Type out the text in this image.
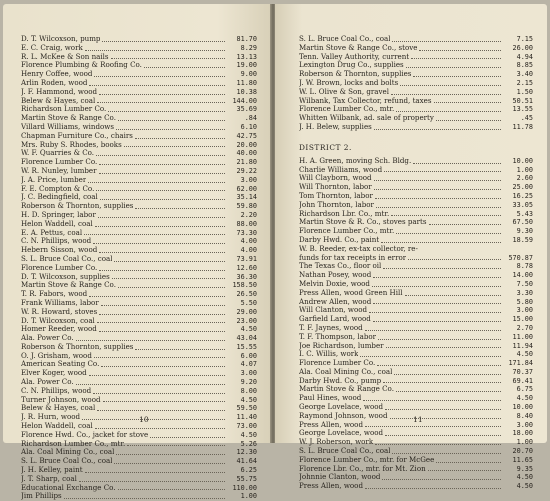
D. T. Wilcoxson, pump	81.70
E. C. Craig, work	8.29
R. L. McKee & Son nails	13.13
Florence Plumbing & Roofing Co.	19.00
Henry Coffee, wood	9.00
Arlin Roden, wood	11.80
J. F. Hammond, wood	10.38
Belew & Hayes, coal	144.00
Richardson Lumber Co.	35.69
Martin Stove & Range Co.	.84
Villard Williams, windows	6.10
Chapman Furniture Co., chairs	42.75
Mrs. Ruby S. Rhodes, books	20.00
W. F. Quarries & Co.	40.00
Florence Lumber Co.	21.80
W. R. Nunley, lumber	29.22
J. A. Price, lumber	3.00
F. E. Compton & Co.	62.00
J. C. Bedingfield, coal	35.14
Roberson & Thornton, supplies	59.80
H. D. Springer, labor	2.20
Helon Waddell, coal	88.00
E. A. Pettus, coal	73.30
C. N. Phillips, wood	4.00
Hebern Sisson, wood	4.00
S. L. Bruce Coal Co., coal	73.91
Florence Lumber Co.	12.60
D. T. Wilcoxson, supplies	36.30
Martin Stove & Range Co.	158.50
T. R. Fabors, wood	26.50
Frank Williams, labor	5.50
W. R. Howard, stoves	29.00
D. T. Wilcoxson, coal	23.00
Homer Reeder, wood	4.50
Ala. Power Co.	43.04
Roberson & Thornton, supplies	15.55
O. J. Grisham, wood	6.00
American Seating Co.	4.07
Elver Koger, wood	3.00
Ala. Power Co.	9.20
C. N. Phillips, wood	8.00
Turner Johnson, wood	4.50
Belew & Hayes, coal	59.50
J. R. Hurn, wood	11.40
Helon Waddell, coal	73.00
Florence Hwd. Co., jacket for stove	4.50
Richardson Lumber Co., mtr.	5.26
Ala. Coal Mining Co., coal	12.30
S. L. Bruce Coal Co., coal	41.64
J. H. Kelley, paint	6.25
J. T. Sharp, coal	55.75
Educational Exchange Co.	110.00
Jim Phillips	1.00
10
S. L. Bruce Coal Co., coal	7.15
Martin Stove & Range Co., stove	26.00
Tenn. Valley Authority, current	4.94
Lexington Drug Co., supplies	8.85
Roberson & Thornton, supplies	3.40
J. W. Brown, locks and bolts	2.15
W. L. Olive & Son, gravel	1.50
Wilbank, Tax Collector, refund, taxes	50.51
Florence Lumber Co., mtr.	13.55
Whitten Wilbank, ad. sale of property	.45
J. H. Belew, supplies	11.78
DISTRICT 2.
H. A. Green, moving Sch. Bldg.	10.00
Charlie Williams, wood	1.00
Will Clayborn, wood	2.60
Will Thornton, labor	25.00
Tom Thornton, labor	16.25
John Thornton, labor	33.05
Richardson Lbr. Co., mtr.	5.43
Martin Stove & R. Co., stoves parts	67.50
Florence Lumber Co., mtr.	9.30
Darby Hwd. Co., paint	18.59
W. B. Reeder, ex-tax collector, re-
funds for tax receipts in error	570.87
The Texas Co., floor oil	8.78
Nathan Posey, wood	14.00
Melvin Doxie, wood	7.50
Press Allen, wood Green Hill	3.30
Andrew Allen, wood	5.80
Will Clanton, wood	3.00
Garfield Lard, wood	15.00
T. F. Jaynes, wood	2.70
T. F. Thompson, labor	11.00
Joe Richardson, lumber	11.94
I. C. Willis, work	4.50
Florence Lumber Co.	171.84
Ala. Coal Mining Co., coal	70.37
Darby Hwd. Co., pump	69.41
Martin Stove & Range Co.	6.75
Paul Hines, wood	4.50
George Lovelace, wood	10.00
Raymond Johnson, wood	8.40
Press Allen, wood	3.00
George Lovelace, wood	18.00
W. J. Roberson, work	1.00
S. L. Bruce Coal Co., coal	20.70
Florence Lumber Co., mtr. for McGee	11.65
Florence Lbr. Co., mtr. for Mt. Zion	9.35
Johnnie Clanton, wood	4.50
Press Allen, wood	4.50
11
